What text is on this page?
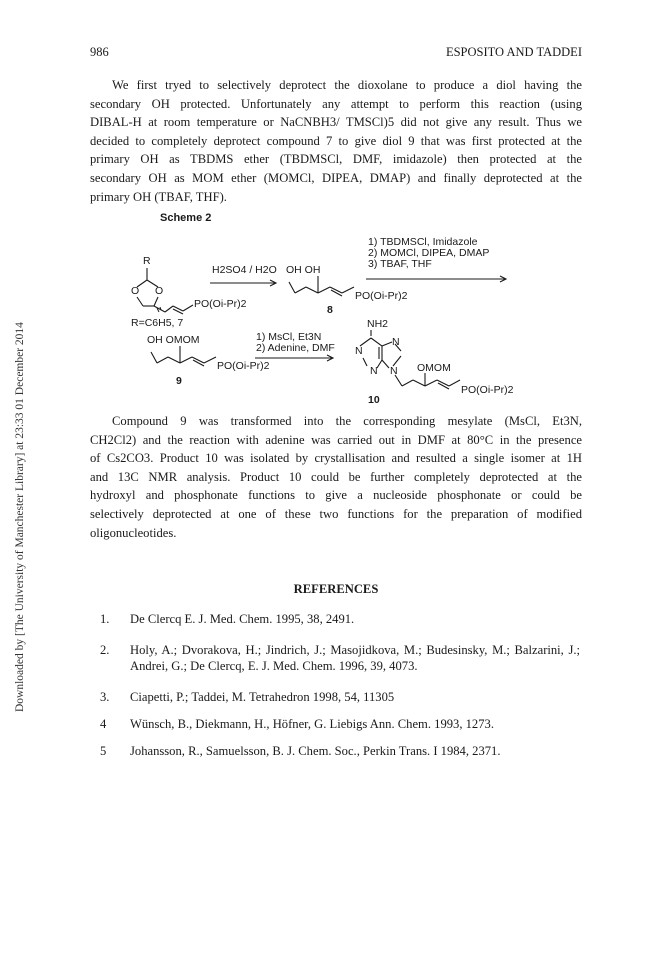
986	ESPOSITO AND TADDEI
Downloaded by [The University of Manchester Library] at 23:33 01 December 2014
We first tryed to selectively deprotect the dioxolane to produce a diol having the
secondary OH protected. Unfortunately any attempt to perform this reaction (using
DIBAL-H at room temperature or NaCNBH3/ TMSCl)5 did not give any result. Thus we
decided to completely deprotect compound 7 to give diol 9 that was first protected at the
primary OH as TBDMS ether (TBDMSCl, DMF, imidazole) then protected at the
secondary OH as MOM ether (MOMCl, DIPEA, DMAP) and finally deprotected at the
primary OH (TBAF, THF).
Scheme 2
R
O O
PO(Oi-Pr)2
R=C6H5, 7
H2SO4 / H2O OH OH
PO(Oi-Pr)2
8
1) TBDMSCl, Imidazole
2) MOMCl, DIPEA, DMAP
3) TBAF, THF
OH OMOM
PO(Oi-Pr)2
9
1) MsCl, Et3N
2) Adenine, DMF
NH2
N
N
N N OMOM
PO(Oi-Pr)2
10
Compound 9 was transformed into the corresponding mesylate (MsCl, Et3N,
CH2Cl2) and the reaction with adenine was carried out in DMF at 80°C in the presence
of Cs2CO3. Product 10 was isolated by crystallisation and resulted a single isomer at 1H
and 13C NMR analysis. Product 10 could be further completely deprotected at the
hydroxyl and phosphonate functions to give a nucleoside phosphonate or could be
selectively deprotected at one of these two functions for the preparation of modified
oligonucleotides.
REFERENCES
1. De Clercq E. J. Med. Chem. 1995, 38, 2491.
2. Holy, A.; Dvorakova, H.; Jindrich, J.; Masojidkova, M.; Budesinsky, M.; Balzarini, J.; Andrei, G.; De Clercq, E. J. Med. Chem. 1996, 39, 4073.
3. Ciapetti, P.; Taddei, M. Tetrahedron 1998, 54, 11305
4 Wünsch, B., Diekmann, H., Höfner, G. Liebigs Ann. Chem. 1993, 1273.
5 Johansson, R., Samuelsson, B. J. Chem. Soc., Perkin Trans. I 1984, 2371.
